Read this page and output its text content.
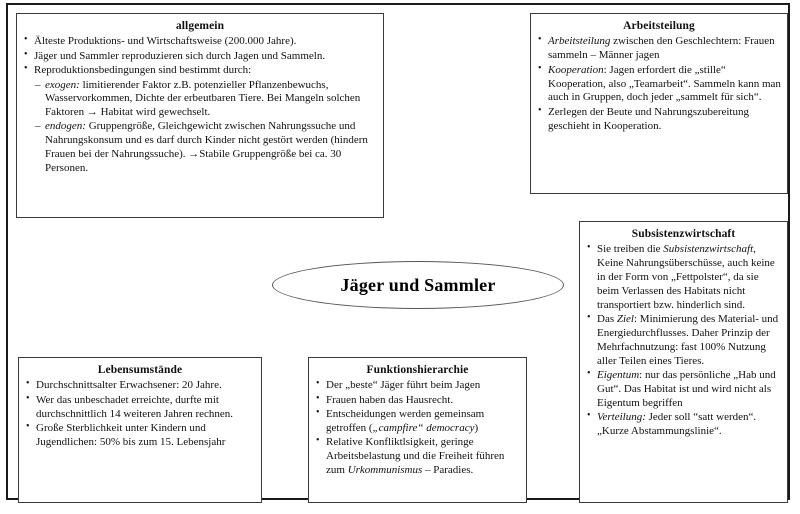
allgemein
• Älteste Produktions- und Wirtschaftsweise (200.000 Jahre).
• Jäger und Sammler reproduzieren sich durch Jagen und Sammeln.
• Reproduktionsbedingungen sind bestimmt durch:
– exogen: limitierender Faktor z.B. potenzieller Pflanzenbewuchs, Wasservorkommen, Dichte der erbeutbaren Tiere. Bei Mangeln solchen Faktoren → Habitat wird gewechselt.
– endogen: Gruppengröße, Gleichgewicht zwischen Nahrungssuche und Nahrungskonsum und es darf durch Kinder nicht gestört werden (hindern Frauen bei der Nahrungssuche). →Stabile Gruppengröße bei ca. 30 Personen.
Arbeitsteilung
• Arbeitsteilung zwischen den Geschlechtern: Frauen sammeln – Männer jagen
• Kooperation: Jagen erfordert die „stille“ Kooperation, also „Teamarbeit“. Sammeln kann man auch in Gruppen, doch jeder „sammelt für sich“.
• Zerlegen der Beute und Nahrungszubereitung geschieht in Kooperation.
Subsistenzwirtschaft
• Sie treiben die Subsistenzwirtschaft, Keine Nahrungsüberschüsse, auch keine in der Form von „Fettpolster“, da sie beim Verlassen des Habitats nicht transportiert bzw. hinderlich sind.
• Das Ziel: Minimierung des Material- und Energiedurchflusses. Daher Prinzip der Mehrfachnutzung: fast 100% Nutzung aller Teilen eines Tieres.
• Eigentum: nur das persönliche „Hab und Gut“. Das Habitat ist und wird nicht als Eigentum begriffen
• Verteilung: Jeder soll “satt werden“. „Kurze Abstammungslinie“.
Lebensumstände
• Durchschnittsalter Erwachsener: 20 Jahre.
• Wer das unbeschadet erreichte, durfte mit durchschnittlich 14 weiteren Jahren rechnen.
• Große Sterblichkeit unter Kindern und Jugendlichen: 50% bis zum 15. Lebensjahr
Funktionshierarchie
• Der „beste“ Jäger führt beim Jagen
• Frauen haben das Hausrecht.
• Entscheidungen werden gemeinsam getroffen („campfire“ democracy)
• Relative Konfliktlsigkeit, geringe Arbeitsbelastung und die Freiheit führen zum Urkommunismus – Paradies.
Jäger und Sammler
